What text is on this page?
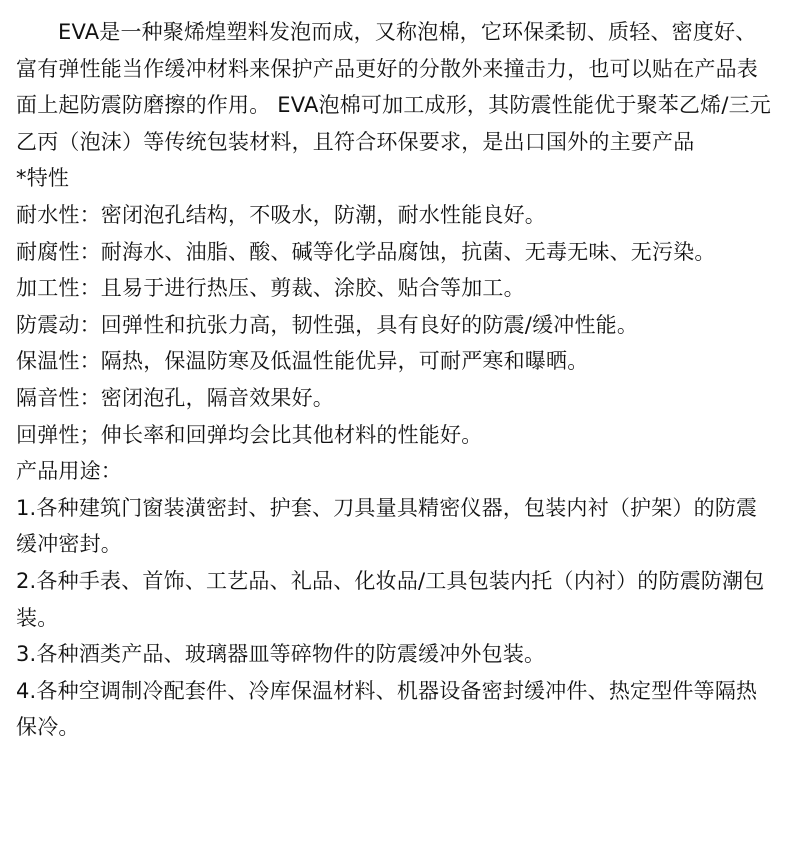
EVA是一种聚烯煌塑料发泡而成，又称泡棉，它环保柔韧、质轻、密度好、富有弹性能当作缓冲材料来保护产品更好的分散外来撞击力，也可以贴在产品表面上起防震防磨擦的作用。 EVA泡棉可加工成形，其防震性能优于聚苯乙烯/三元乙丙（泡沫）等传统包装材料，且符合环保要求，是出口国外的主要产品

*特性

耐水性：密闭泡孔结构，不吸水，防潮，耐水性能良好。

耐腐性：耐海水、油脂、酸、碱等化学品腐蚀，抗菌、无毒无味、无污染。

加工性：且易于进行热压、剪裁、涂胶、贴合等加工。

防震动：回弹性和抗张力高，韧性强，具有良好的防震/缓冲性能。

保温性：隔热，保温防寒及低温性能优异，可耐严寒和曝晒。

隔音性：密闭泡孔，隔音效果好。

回弹性；伸长率和回弹均会比其他材料的性能好。

产品用途：

1.各种建筑门窗装潢密封、护套、刀具量具精密仪器，包装内衬（护架）的防震缓冲密封。

2.各种手表、首饰、工艺品、礼品、化妆品/工具包装内托（内衬）的防震防潮包装。

3.各种酒类产品、玻璃器皿等碎物件的防震缓冲外包装。

4.各种空调制冷配套件、冷库保温材料、机器设备密封缓冲件、热定型件等隔热保冷。
